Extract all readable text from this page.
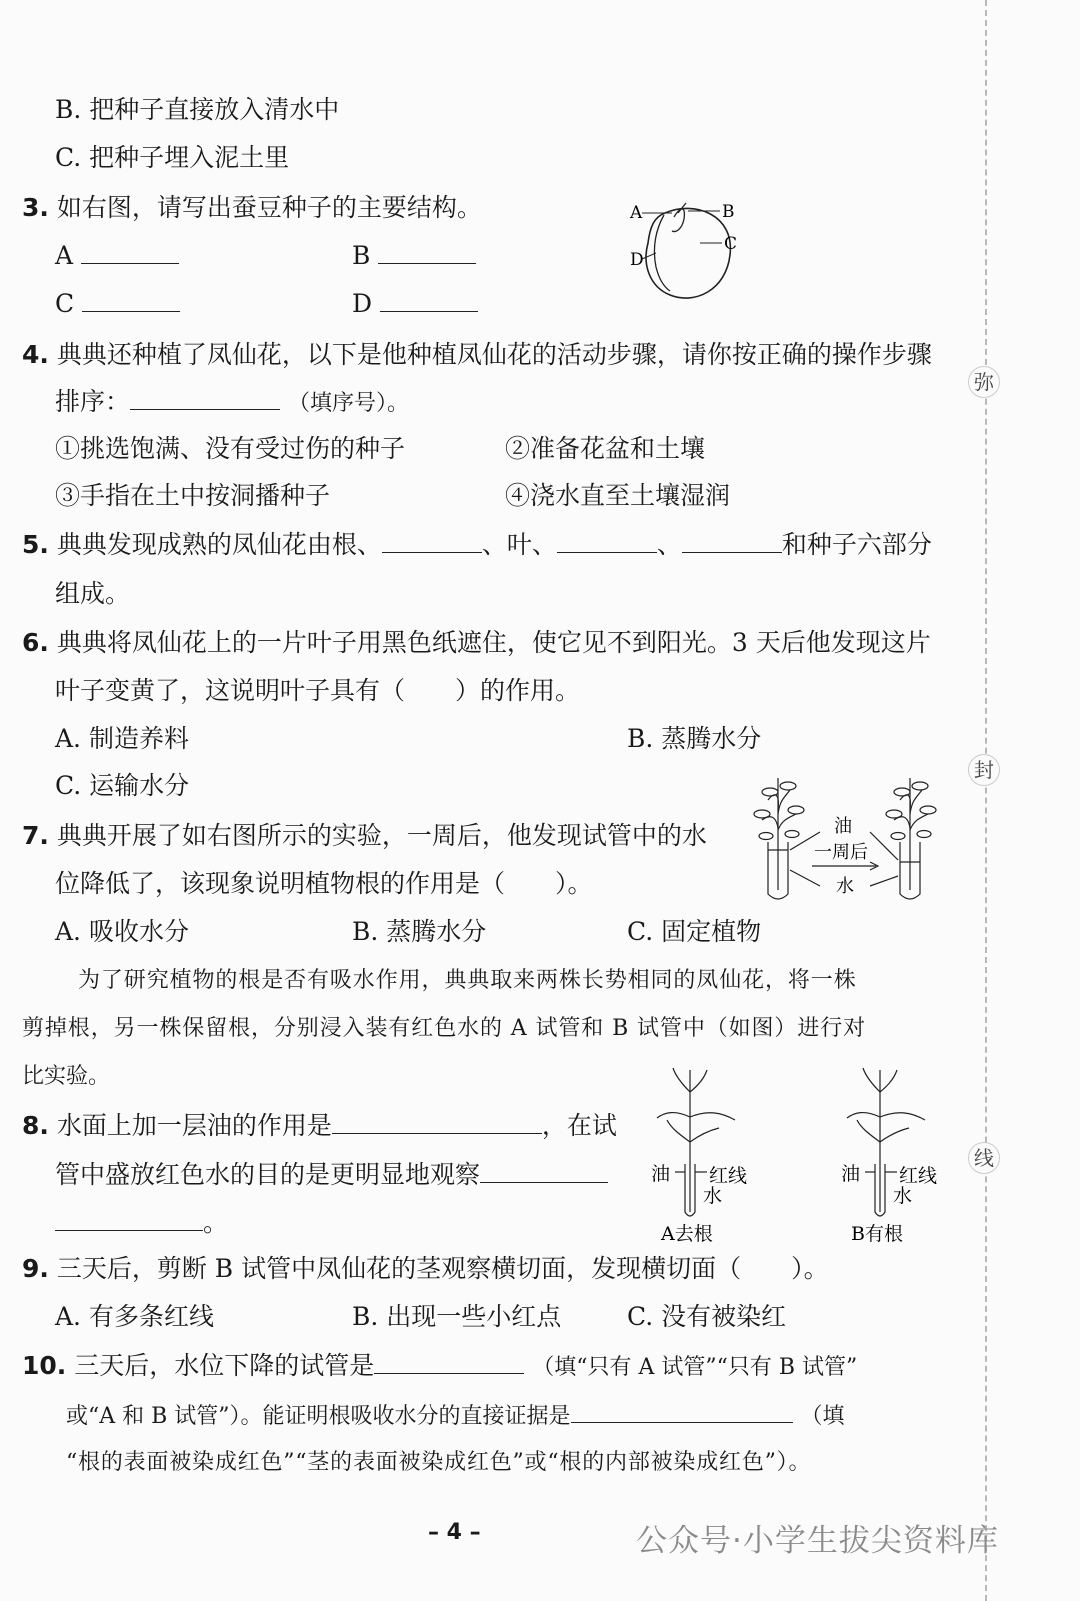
弥
封
线
B. 把种子直接放入清水中
C. 把种子埋入泥土里
3. 如右图，请写出蚕豆种子的主要结构。
A	B
C	D
A	B
C
D
4. 典典还种植了凤仙花，以下是他种植凤仙花的活动步骤，请你按正确的操作步骤
排序：	（填序号）。
①挑选饱满、没有受过伤的种子	②准备花盆和土壤
③手指在土中按洞播种子	④浇水直至土壤湿润
5. 典典发现成熟的凤仙花由根、	、叶、	、	和种子六部分
组成。
6. 典典将凤仙花上的一片叶子用黑色纸遮住，使它见不到阳光。3 天后他发现这片
叶子变黄了，这说明叶子具有（　　）的作用。
A. 制造养料	B. 蒸腾水分
C. 运输水分
7. 典典开展了如右图所示的实验，一周后，他发现试管中的水
位降低了，该现象说明植物根的作用是（　　）。
A. 吸收水分	B. 蒸腾水分	C. 固定植物
油
一周后
水
为了研究植物的根是否有吸水作用，典典取来两株长势相同的凤仙花，将一株
剪掉根，另一株保留根，分别浸入装有红色水的 A 试管和 B 试管中（如图）进行对
比实验。
8. 水面上加一层油的作用是	，在试
管中盛放红色水的目的是更明显地观察
。
油 红线
水
A去根
油 红线
水
B有根
9. 三天后，剪断 B 试管中凤仙花的茎观察横切面，发现横切面（　　）。
A. 有多条红线	B. 出现一些小红点	C. 没有被染红
10. 三天后，水位下降的试管是	（填“只有 A 试管”“只有 B 试管”
或“A 和 B 试管”）。能证明根吸收水分的直接证据是	（填
“根的表面被染成红色”“茎的表面被染成红色”或“根的内部被染成红色”）。
– 4 –	公众号·小学生拔尖资料库
